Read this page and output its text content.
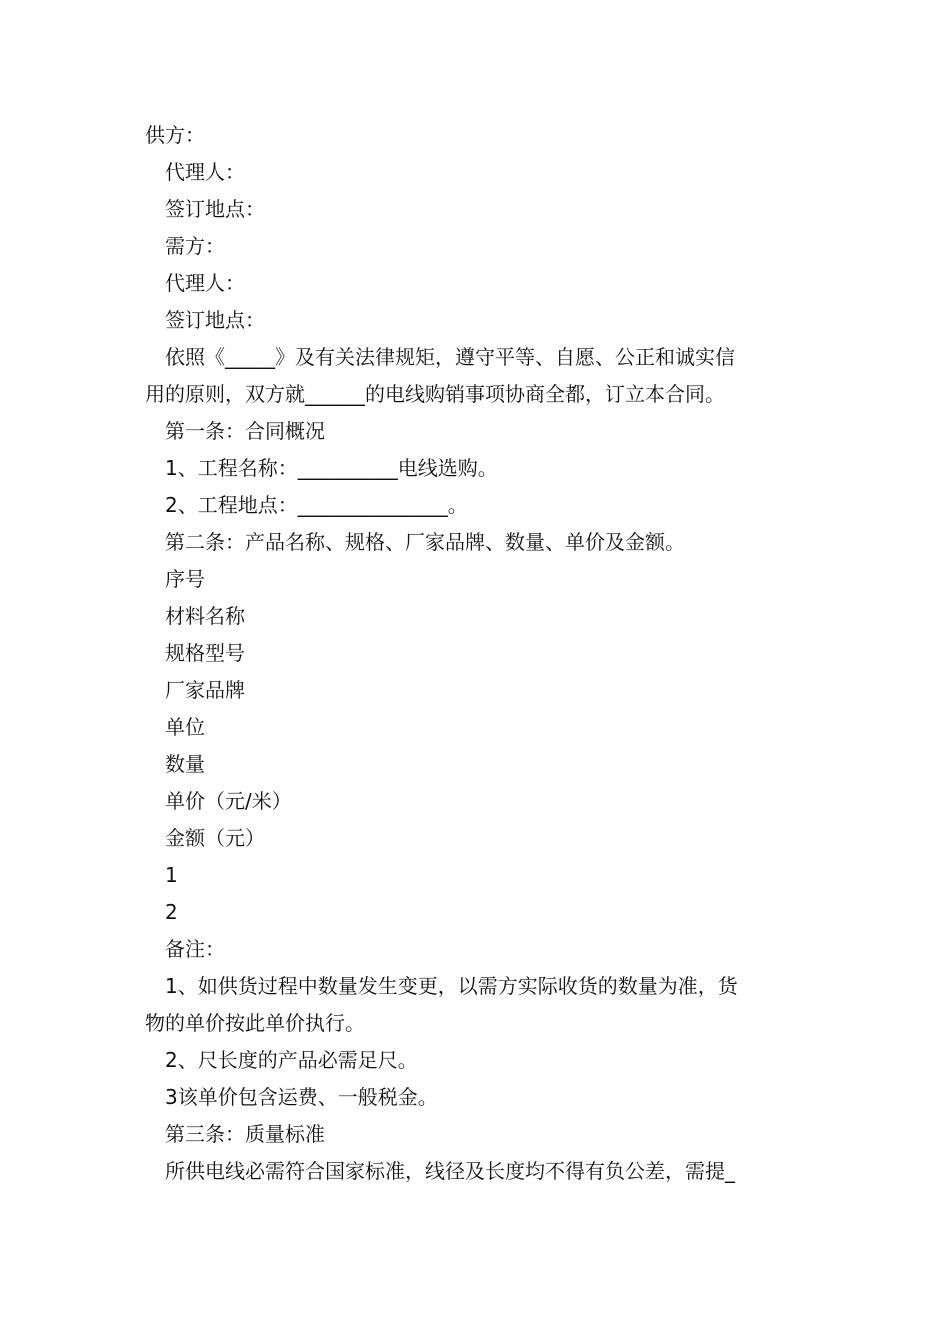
供方：
代理人：
签订地点：
需方：
代理人：
签订地点：
依照《_____》及有关法律规矩，遵守平等、自愿、公正和诚实信
用的原则，双方就______的电线购销事项协商全都，订立本合同。
第一条：合同概况
1、工程名称：__________电线选购。
2、工程地点：_______________。
第二条：产品名称、规格、厂家品牌、数量、单价及金额。
序号
材料名称
规格型号
厂家品牌
单位
数量
单价（元/米）
金额（元）
1
2
备注：
1、如供货过程中数量发生变更，以需方实际收货的数量为准，货
物的单价按此单价执行。
2、尺长度的产品必需足尺。
3该单价包含运费、一般税金。
第三条：质量标准
所供电线必需符合国家标准，线径及长度均不得有负公差，需提_
